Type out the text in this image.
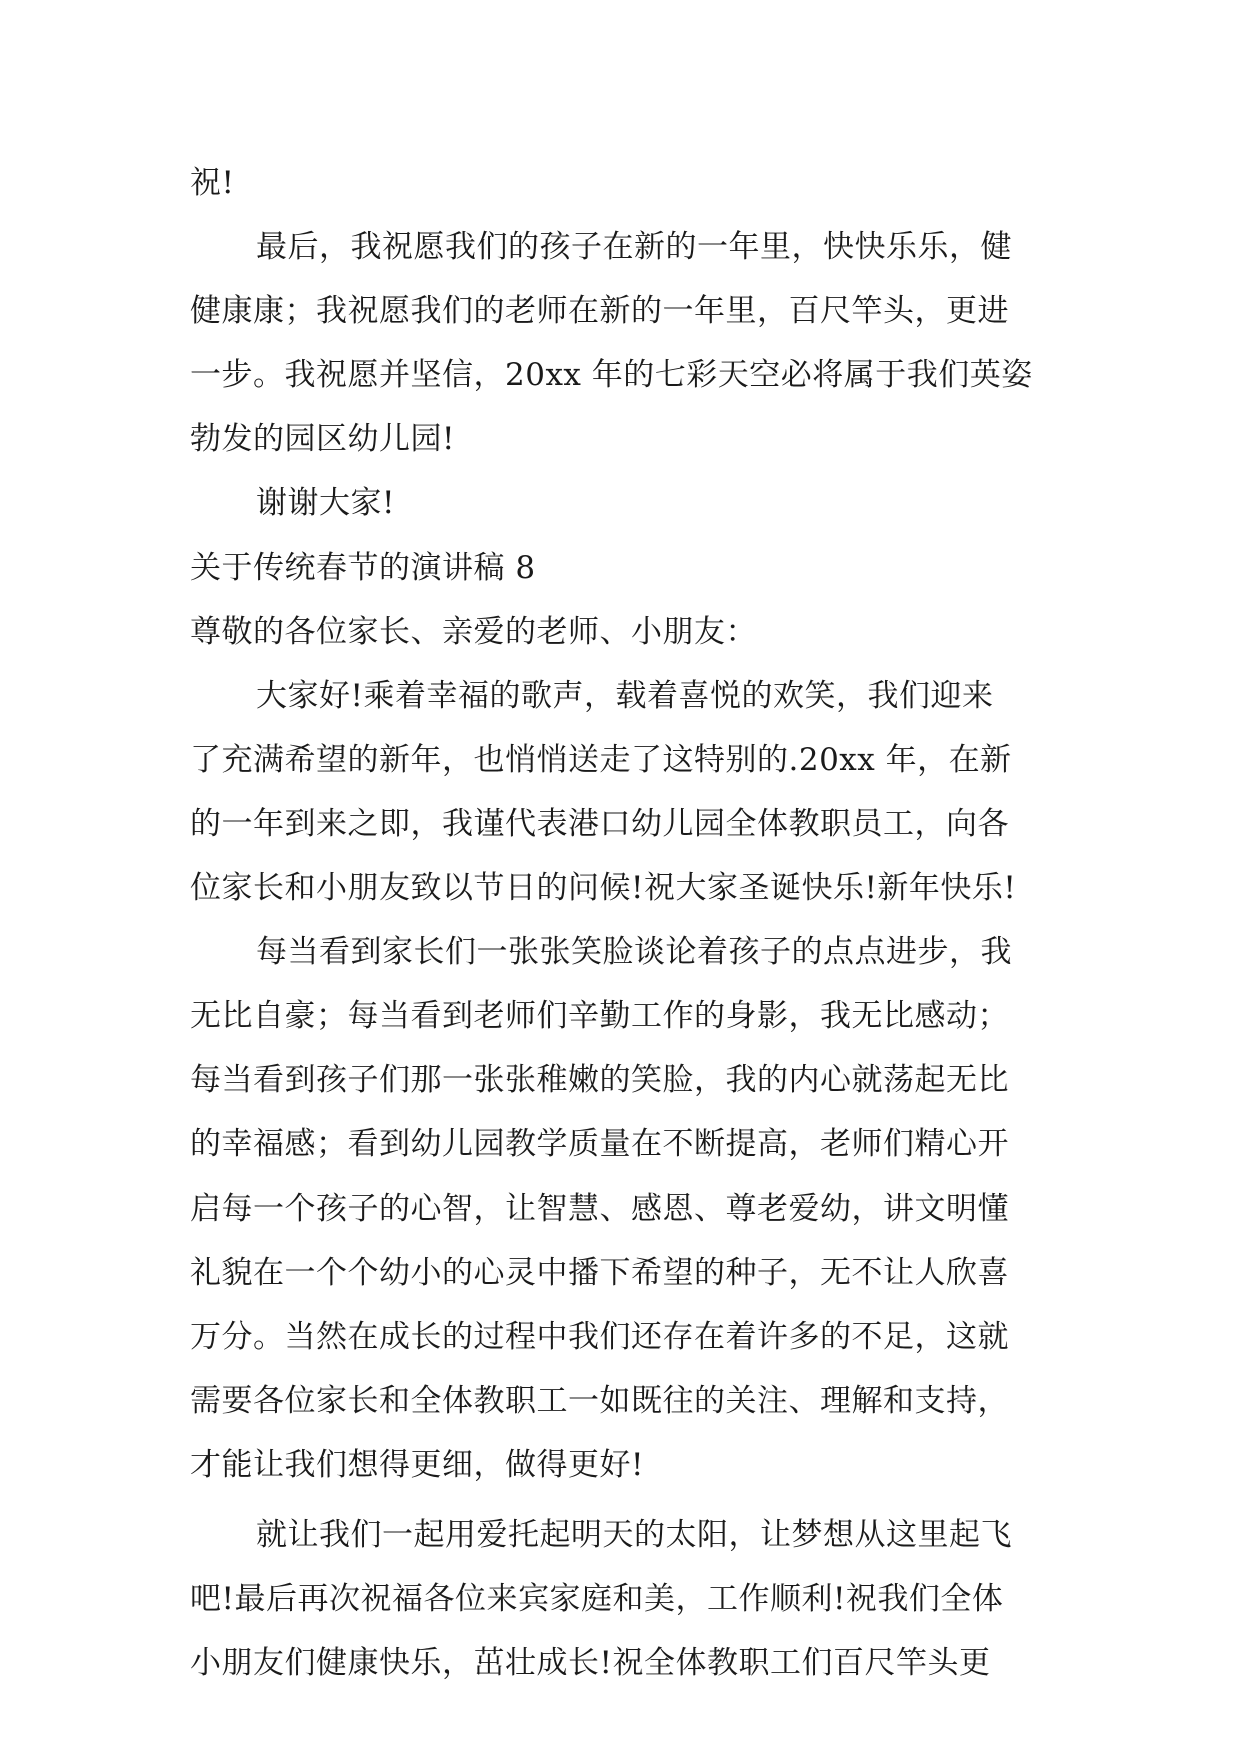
祝!
最后，我祝愿我们的孩子在新的一年里，快快乐乐，健
健康康；我祝愿我们的老师在新的一年里，百尺竿头，更进
一步。我祝愿并坚信，20xx 年的七彩天空必将属于我们英姿
勃发的园区幼儿园!
谢谢大家!
关于传统春节的演讲稿 8
尊敬的各位家长、亲爱的老师、小朋友：
大家好!乘着幸福的歌声，载着喜悦的欢笑，我们迎来
了充满希望的新年，也悄悄送走了这特别的.20xx 年，在新
的一年到来之即，我谨代表港口幼儿园全体教职员工，向各
位家长和小朋友致以节日的问候!祝大家圣诞快乐!新年快乐!
每当看到家长们一张张笑脸谈论着孩子的点点进步，我
无比自豪；每当看到老师们辛勤工作的身影，我无比感动；
每当看到孩子们那一张张稚嫩的笑脸，我的内心就荡起无比
的幸福感；看到幼儿园教学质量在不断提高，老师们精心开
启每一个孩子的心智，让智慧、感恩、尊老爱幼，讲文明懂
礼貌在一个个幼小的心灵中播下希望的种子，无不让人欣喜
万分。当然在成长的过程中我们还存在着许多的不足，这就
需要各位家长和全体教职工一如既往的关注、理解和支持，
才能让我们想得更细，做得更好!
就让我们一起用爱托起明天的太阳，让梦想从这里起飞
吧!最后再次祝福各位来宾家庭和美，工作顺利!祝我们全体
小朋友们健康快乐，茁壮成长!祝全体教职工们百尺竿头更
